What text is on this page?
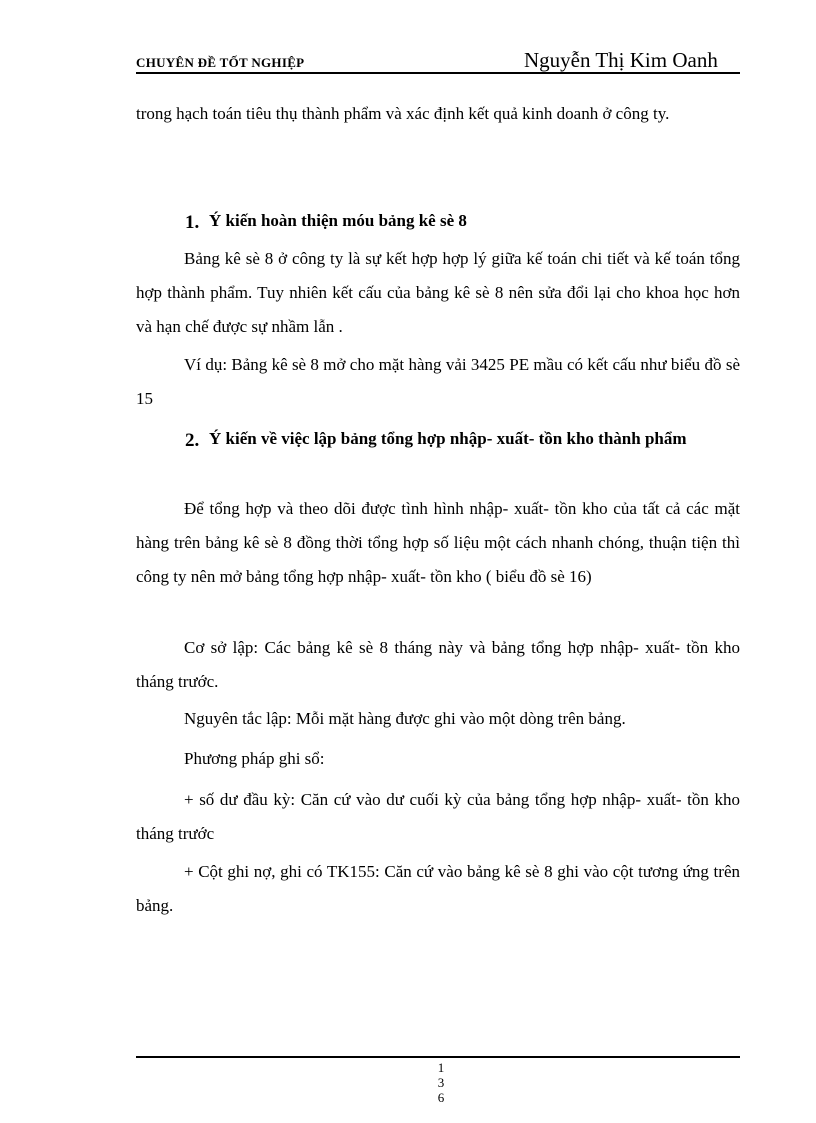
CHUYÊN ĐỀ TỐT NGHIỆP	Nguyễn Thị Kim Oanh
trong hạch toán tiêu thụ thành phẩm và xác định kết quả kinh doanh ở công ty.
1. Ý kiến hoàn thiện móu bảng kê sè 8
Bảng kê sè 8 ở công ty là sự kết hợp hợp lý giữa kế toán chi tiết và kế toán tổng hợp thành phẩm. Tuy nhiên kết cấu của bảng kê sè 8 nên sửa đổi lại cho khoa học hơn và hạn chế được sự nhầm lẫn .
Ví dụ: Bảng kê sè 8 mở cho mặt hàng vải 3425 PE mầu có kết cấu như biểu đồ sè 15
2. Ý kiến về việc lập bảng tổng hợp nhập- xuất- tồn kho thành phẩm
Để tổng hợp và theo dõi được tình hình nhập- xuất- tồn kho của tất cả các mặt hàng trên bảng kê sè 8 đồng thời tổng hợp số liệu một cách nhanh chóng, thuận tiện thì công ty nên mở bảng tổng hợp nhập- xuất- tồn kho ( biểu đồ sè 16)
Cơ sở lập: Các bảng kê sè 8 tháng này và bảng tổng hợp nhập- xuất- tồn kho tháng trước.
Nguyên tắc lập: Mỗi mặt hàng được ghi vào một dòng trên bảng.
Phương pháp ghi sổ:
+ số dư đầu kỳ: Căn cứ vào dư cuối kỳ của bảng tổng hợp nhập- xuất- tồn kho tháng trước
+ Cột ghi nợ, ghi có TK155: Căn cứ vào bảng kê sè 8 ghi vào cột tương ứng trên bảng.
1
3
6
